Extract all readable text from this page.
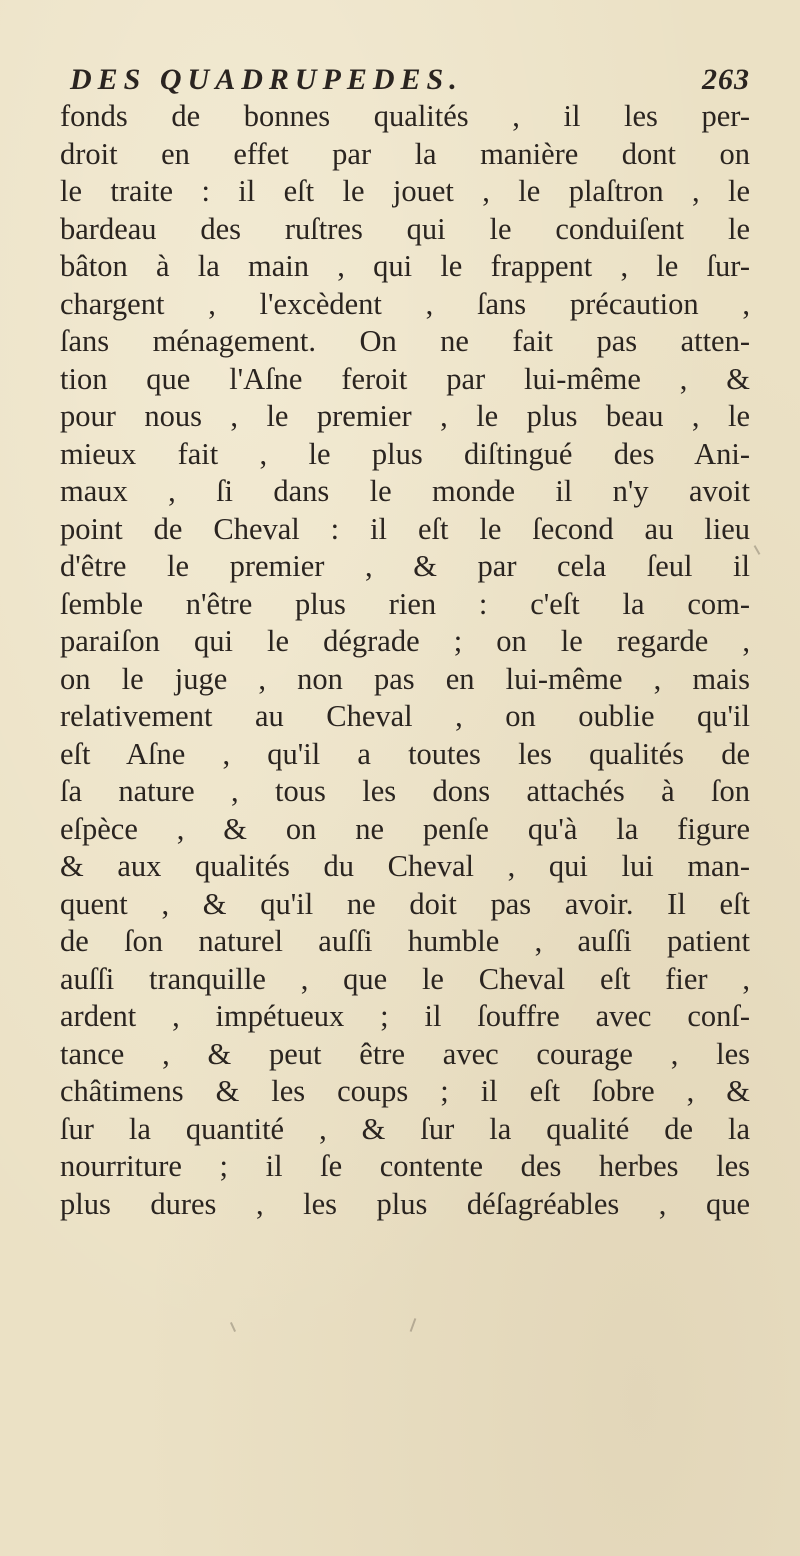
DES QUADRUPEDES.	263
fonds de bonnes qualités , il les per-
droit en effet par la manière dont on
le traite : il eſt le jouet , le plaſtron , le
bardeau des ruſtres qui le conduiſent le
bâton à la main , qui le frappent , le ſur-
chargent , l'excèdent , ſans précaution ,
ſans ménagement. On ne fait pas atten-
tion que l'Aſne feroit par lui-même , &
pour nous , le premier , le plus beau , le
mieux fait , le plus diſtingué des Ani-
maux , ſi dans le monde il n'y avoit
point de Cheval : il eſt le ſecond au lieu
d'être le premier , & par cela ſeul il
ſemble n'être plus rien : c'eſt la com-
paraiſon qui le dégrade ; on le regarde ,
on le juge , non pas en lui-même , mais
relativement au Cheval , on oublie qu'il
eſt Aſne , qu'il a toutes les qualités de
ſa nature , tous les dons attachés à ſon
eſpèce , & on ne penſe qu'à la figure
& aux qualités du Cheval , qui lui man-
quent , & qu'il ne doit pas avoir. Il eſt
de ſon naturel auſſi humble , auſſi patient
auſſi tranquille , que le Cheval eſt fier ,
ardent , impétueux ; il ſouffre avec conſ-
tance , & peut être avec courage , les
châtimens & les coups ; il eſt ſobre , &
ſur la quantité , & ſur la qualité de la
nourriture ; il ſe contente des herbes les
plus dures , les plus déſagréables , que
